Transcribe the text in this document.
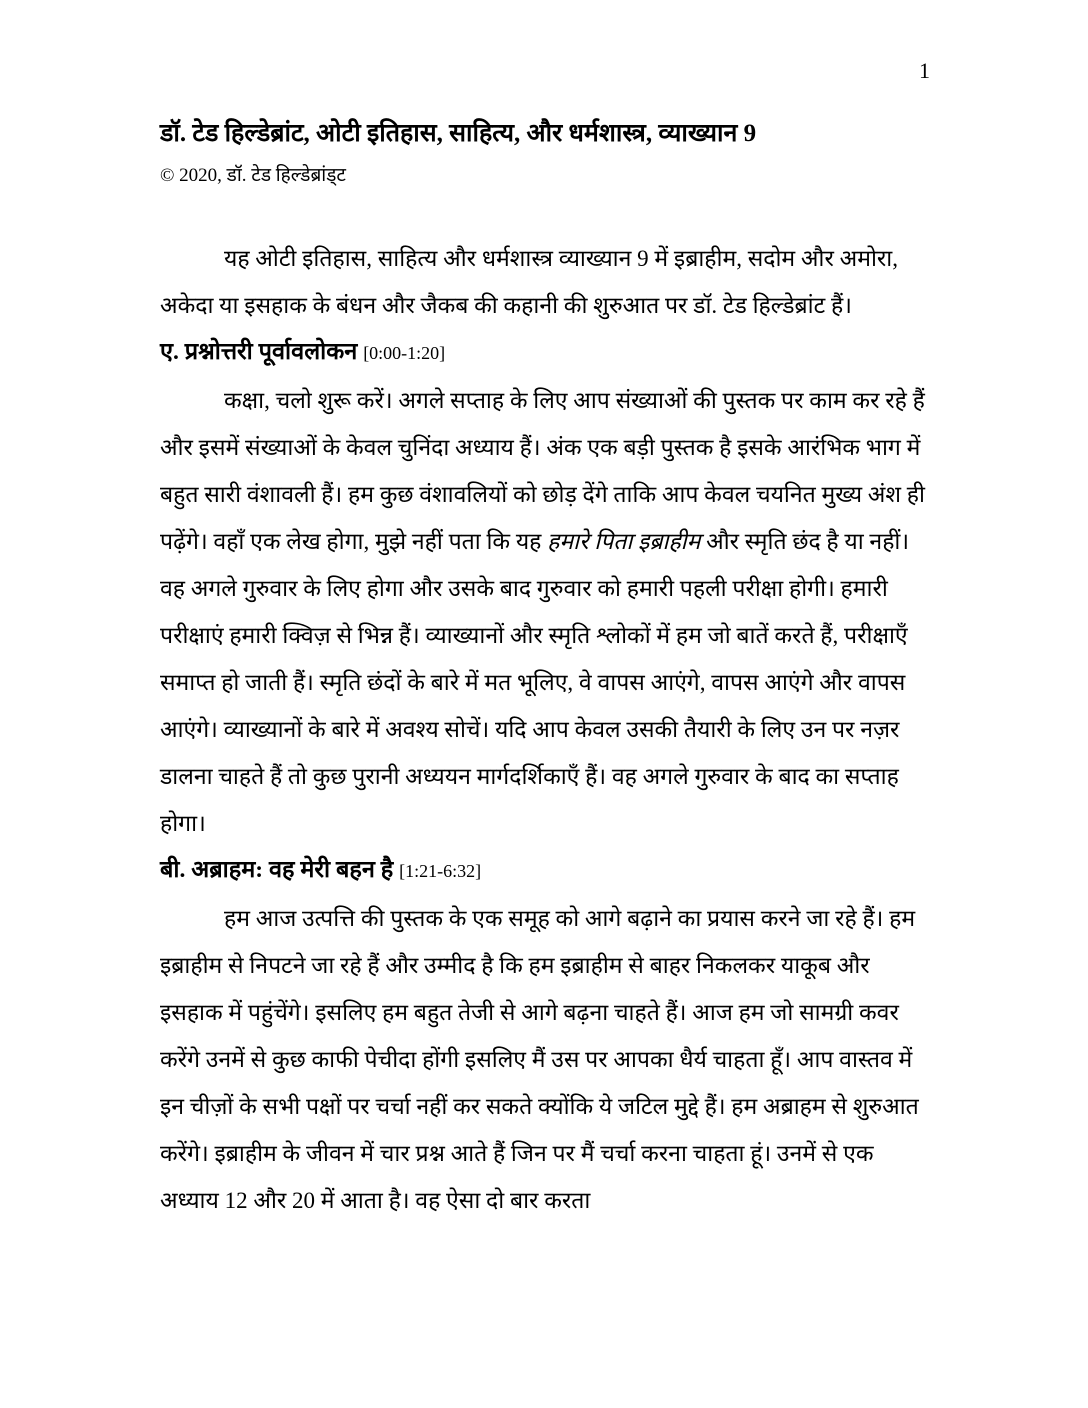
1
डॉ. टेड हिल्डेब्रांट, ओटी इतिहास, साहित्य, और धर्मशास्त्र, व्याख्यान 9
© 2020, डॉ. टेड हिल्डेब्रांड्ट

यह ओटी इतिहास, साहित्य और धर्मशास्त्र व्याख्यान 9 में इब्राहीम, सदोम और अमोरा, अकेदा या इसहाक के बंधन और जैकब की कहानी की शुरुआत पर डॉ. टेड हिल्डेब्रांट हैं।

ए. प्रश्नोत्तरी पूर्वावलोकन [0:00-1:20]

कक्षा, चलो शुरू करें। अगले सप्ताह के लिए आप संख्याओं की पुस्तक पर काम कर रहे हैं और इसमें संख्याओं के केवल चुनिंदा अध्याय हैं। अंक एक बड़ी पुस्तक है इसके आरंभिक भाग में बहुत सारी वंशावली हैं। हम कुछ वंशावलियों को छोड़ देंगे ताकि आप केवल चयनित मुख्य अंश ही पढ़ेंगे। वहाँ एक लेख होगा, मुझे नहीं पता कि यह हमारे पिता इब्राहीम और स्मृति छंद है या नहीं। वह अगले गुरुवार के लिए होगा और उसके बाद गुरुवार को हमारी पहली परीक्षा होगी। हमारी परीक्षाएं हमारी क्विज़ से भिन्न हैं। व्याख्यानों और स्मृति श्लोकों में हम जो बातें करते हैं, परीक्षाएँ समाप्त हो जाती हैं। स्मृति छंदों के बारे में मत भूलिए, वे वापस आएंगे, वापस आएंगे और वापस आएंगे। व्याख्यानों के बारे में अवश्य सोचें। यदि आप केवल उसकी तैयारी के लिए उन पर नज़र डालना चाहते हैं तो कुछ पुरानी अध्ययन मार्गदर्शिकाएँ हैं। वह अगले गुरुवार के बाद का सप्ताह होगा।

बी. अब्राहम: वह मेरी बहन है [1:21-6:32]

हम आज उत्पत्ति की पुस्तक के एक समूह को आगे बढ़ाने का प्रयास करने जा रहे हैं। हम इब्राहीम से निपटने जा रहे हैं और उम्मीद है कि हम इब्राहीम से बाहर निकलकर याकूब और इसहाक में पहुंचेंगे। इसलिए हम बहुत तेजी से आगे बढ़ना चाहते हैं। आज हम जो सामग्री कवर करेंगे उनमें से कुछ काफी पेचीदा होंगी इसलिए मैं उस पर आपका धैर्य चाहता हूँ। आप वास्तव में इन चीज़ों के सभी पक्षों पर चर्चा नहीं कर सकते क्योंकि ये जटिल मुद्दे हैं। हम अब्राहम से शुरुआत करेंगे। इब्राहीम के जीवन में चार प्रश्न आते हैं जिन पर मैं चर्चा करना चाहता हूं। उनमें से एक अध्याय 12 और 20 में आता है। वह ऐसा दो बार करता
